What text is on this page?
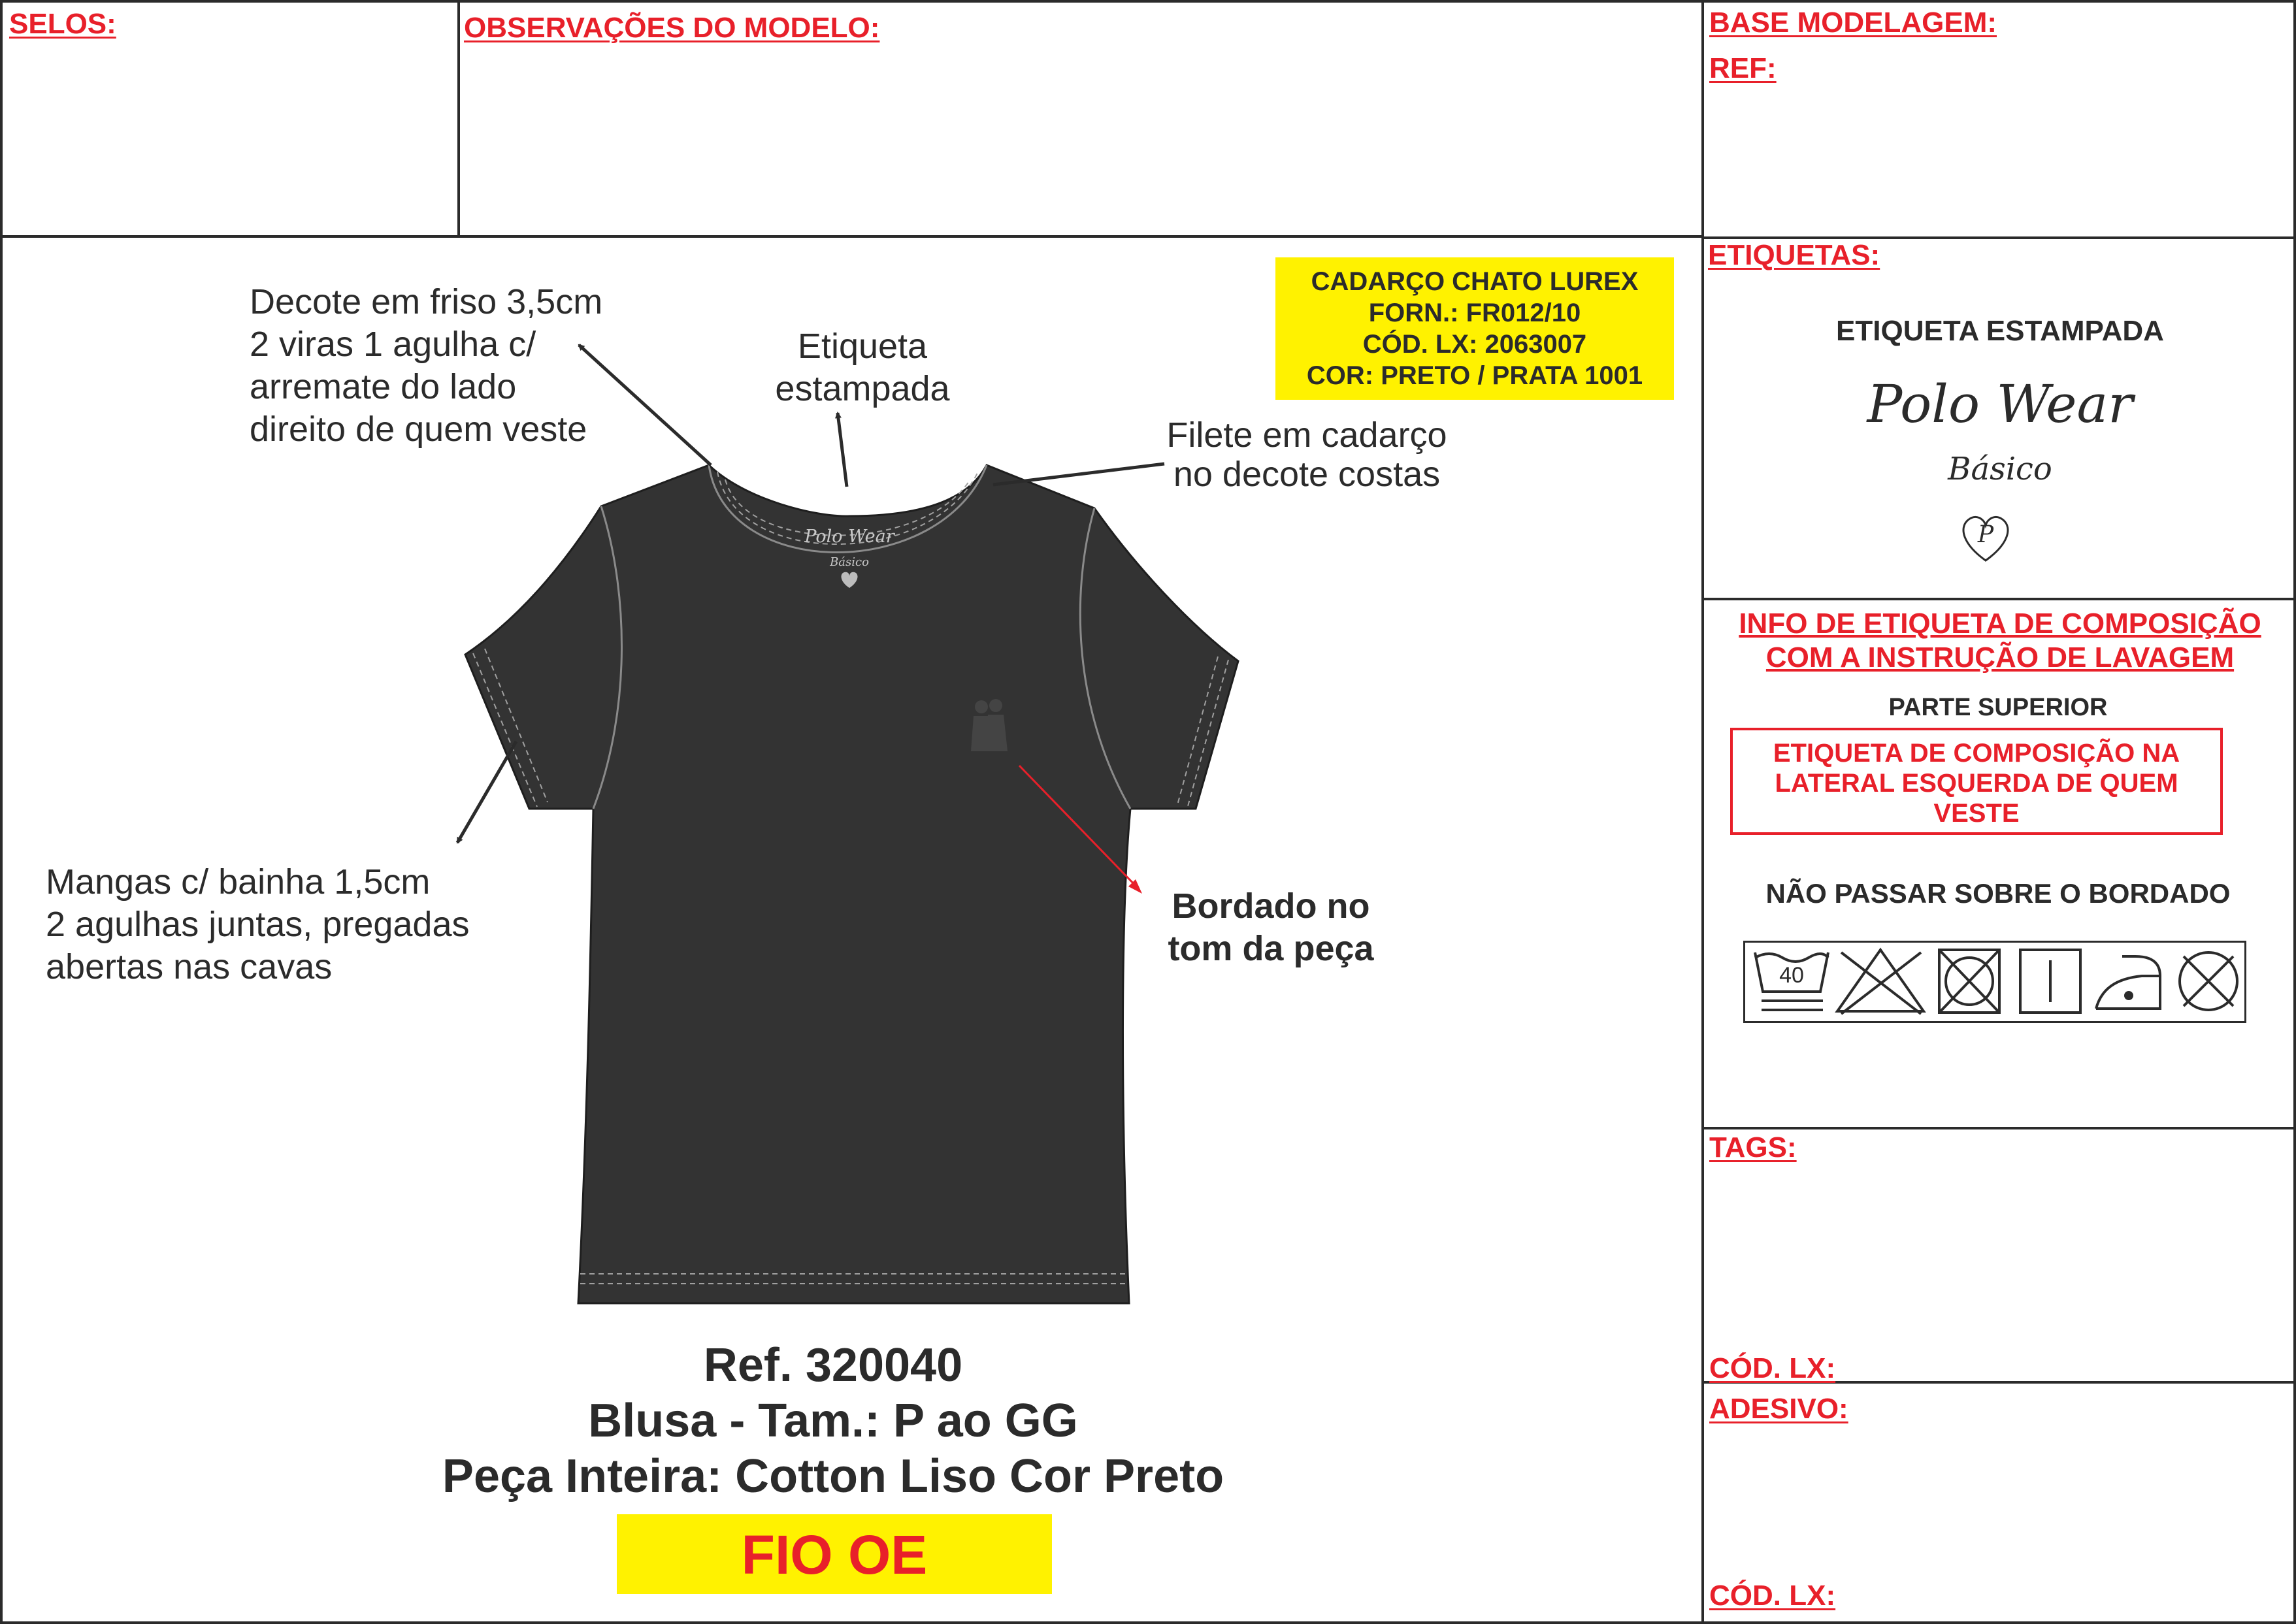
SELOS:	OBSERVAÇÕES DO MODELO:	BASE MODELAGEM:
REF:
Decote em friso 3,5cm
2 viras 1 agulha c/
arremate do lado
direito de quem veste
Etiqueta
estampada
Filete em cadarço
no decote costas
Mangas c/ bainha 1,5cm
2 agulhas juntas, pregadas
abertas nas cavas
Bordado no
tom da peça
CADARÇO CHATO LUREX
FORN.: FR012/10
CÓD. LX: 2063007
COR: PRETO / PRATA 1001
Polo Wear
Básico
Ref. 320040
Blusa - Tam.: P ao GG
Peça Inteira: Cotton Liso Cor Preto
FIO OE
ETIQUETAS:
ETIQUETA ESTAMPADA
Polo Wear
Básico
P
INFO DE ETIQUETA DE COMPOSIÇÃO
COM A INSTRUÇÃO DE LAVAGEM
PARTE SUPERIOR
ETIQUETA DE COMPOSIÇÃO NA
LATERAL ESQUERDA DE QUEM
VESTE
NÃO PASSAR SOBRE O BORDADO
40
TAGS:
CÓD. LX:
ADESIVO:
CÓD. LX:
